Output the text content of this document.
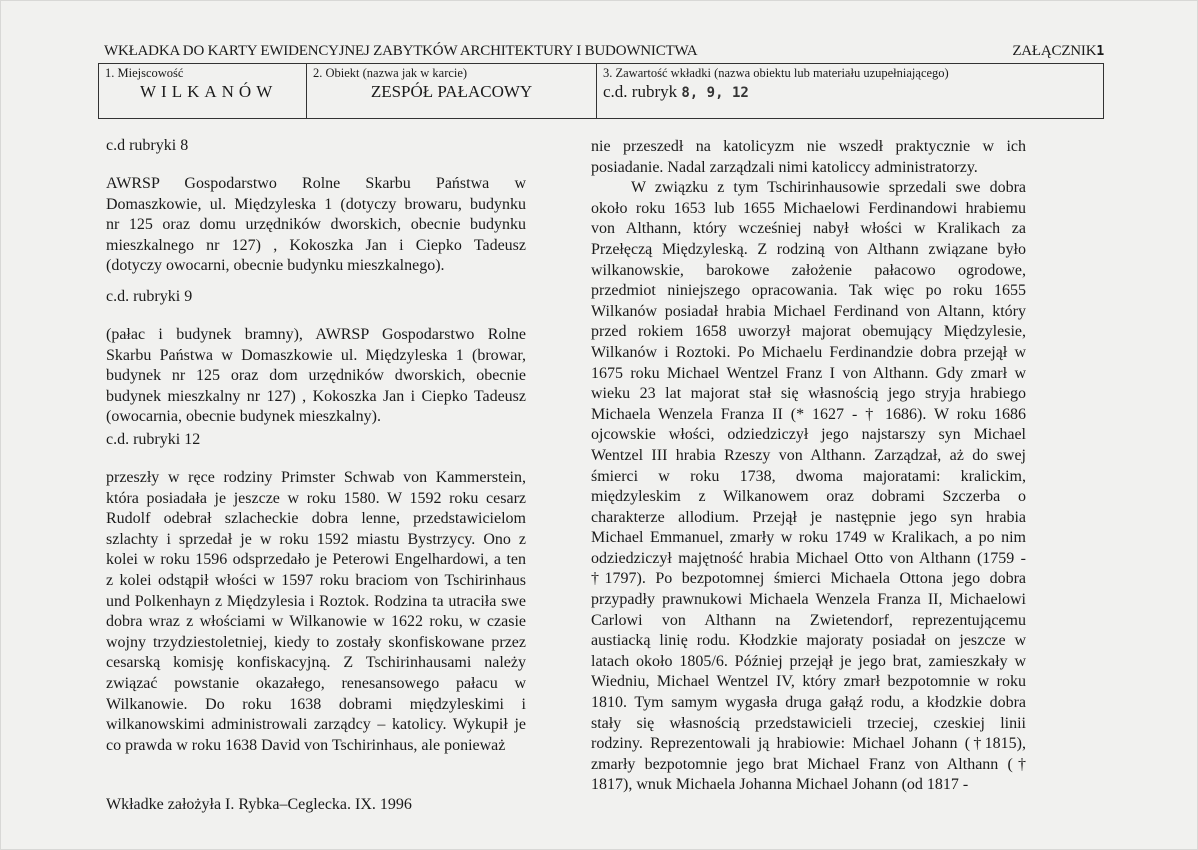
WKŁADKA DO KARTY EWIDENCYJNEJ ZABYTKÓW ARCHITEKTURY I BUDOWNICTWA	ZAŁĄCZNIK1
1. Miejscowość
WILKANÓW
2. Obiekt (nazwa jak w karcie)
ZESPÓŁ PAŁACOWY
3. Zawartość wkładki (nazwa obiektu lub materiału uzupełniającego)
c.d. rubryk 8, 9, 12
c.d rubryki 8
AWRSP Gospodarstwo Rolne Skarbu Państwa w
Domaszkowie, ul. Międzyleska 1 (dotyczy browaru, budynku
nr 125 oraz domu urzędników dworskich, obecnie budynku
mieszkalnego nr 127) , Kokoszka Jan i Ciepko Tadeusz
(dotyczy owocarni, obecnie budynku mieszkalnego).
c.d. rubryki 9
(pałac i budynek bramny), AWRSP Gospodarstwo Rolne
Skarbu Państwa w Domaszkowie ul. Międzyleska 1 (browar,
budynek nr 125 oraz dom urzędników dworskich, obecnie
budynek mieszkalny nr 127) , Kokoszka Jan i Ciepko Tadeusz
(owocarnia, obecnie budynek mieszkalny).
c.d. rubryki 12
przeszły w ręce rodziny Primster Schwab von Kammerstein,
która posiadała je jeszcze w roku 1580. W 1592 roku cesarz
Rudolf odebrał szlacheckie dobra lenne, przedstawicielom
szlachty i sprzedał je w roku 1592 miastu Bystrzycy. Ono z
kolei w roku 1596 odsprzedało je Peterowi Engelhardowi, a ten
z kolei odstąpił włości w 1597 roku braciom von Tschirinhaus
und Polkenhayn z Międzylesia i Roztok. Rodzina ta utraciła swe
dobra wraz z włościami w Wilkanowie w 1622 roku, w czasie
wojny trzydziestoletniej, kiedy to zostały skonfiskowane przez
cesarską komisję konfiskacyjną. Z Tschirinhausami należy
związać powstanie okazałego, renesansowego pałacu w
Wilkanowie. Do roku 1638 dobrami międzyleskimi i
wilkanowskimi administrowali zarządcy – katolicy. Wykupił je
co prawda w roku 1638 David von Tschirinhaus, ale ponieważ
nie przeszedł na katolicyzm nie wszedł praktycznie w ich
posiadanie. Nadal zarządzali nimi katoliccy administratorzy.
W związku z tym Tschirinhausowie sprzedali swe dobra
około roku 1653 lub 1655 Michaelowi Ferdinandowi hrabiemu
von Althann, który wcześniej nabył włości w Kralikach za
Przełęczą Międzyleską. Z rodziną von Althann związane było
wilkanowskie, barokowe założenie pałacowo ogrodowe,
przedmiot niniejszego opracowania. Tak więc po roku 1655
Wilkanów posiadał hrabia Michael Ferdinand von Altann, który
przed rokiem 1658 uworzył majorat obemujący Międzylesie,
Wilkanów i Roztoki. Po Michaelu Ferdinandzie dobra przejął w
1675 roku Michael Wentzel Franz I von Althann. Gdy zmarł w
wieku 23 lat majorat stał się własnością jego stryja hrabiego
Michaela Wenzela Franza II (* 1627 - † 1686). W roku 1686
ojcowskie włości, odziedziczył jego najstarszy syn Michael
Wentzel III hrabia Rzeszy von Althann. Zarządzał, aż do swej
śmierci w roku 1738, dwoma majoratami: kralickim,
międzyleskim z Wilkanowem oraz dobrami Szczerba o
charakterze allodium. Przejął je następnie jego syn hrabia
Michael Emmanuel, zmarły w roku 1749 w Kralikach, a po nim
odziedziczył majętność hrabia Michael Otto von Althann (1759 -
†1797). Po bezpotomnej śmierci Michaela Ottona jego dobra
przypadły prawnukowi Michaela Wenzela Franza II, Michaelowi
Carlowi von Althann na Zwietendorf, reprezentującemu
austiacką linię rodu. Kłodzkie majoraty posiadał on jeszcze w
latach około 1805/6. Później przejął je jego brat, zamieszkały w
Wiedniu, Michael Wentzel IV, który zmarł bezpotomnie w roku
1810. Tym samym wygasła druga gałąź rodu, a kłodzkie dobra
stały się własnością przedstawicieli trzeciej, czeskiej linii
rodziny. Reprezentowali ją hrabiowie: Michael Johann (†1815),
zmarły bezpotomnie jego brat Michael Franz von Althann (†
1817), wnuk Michaela Johanna Michael Johann (od 1817 -
Wkładke założyła I. Rybka–Ceglecka. IX. 1996
